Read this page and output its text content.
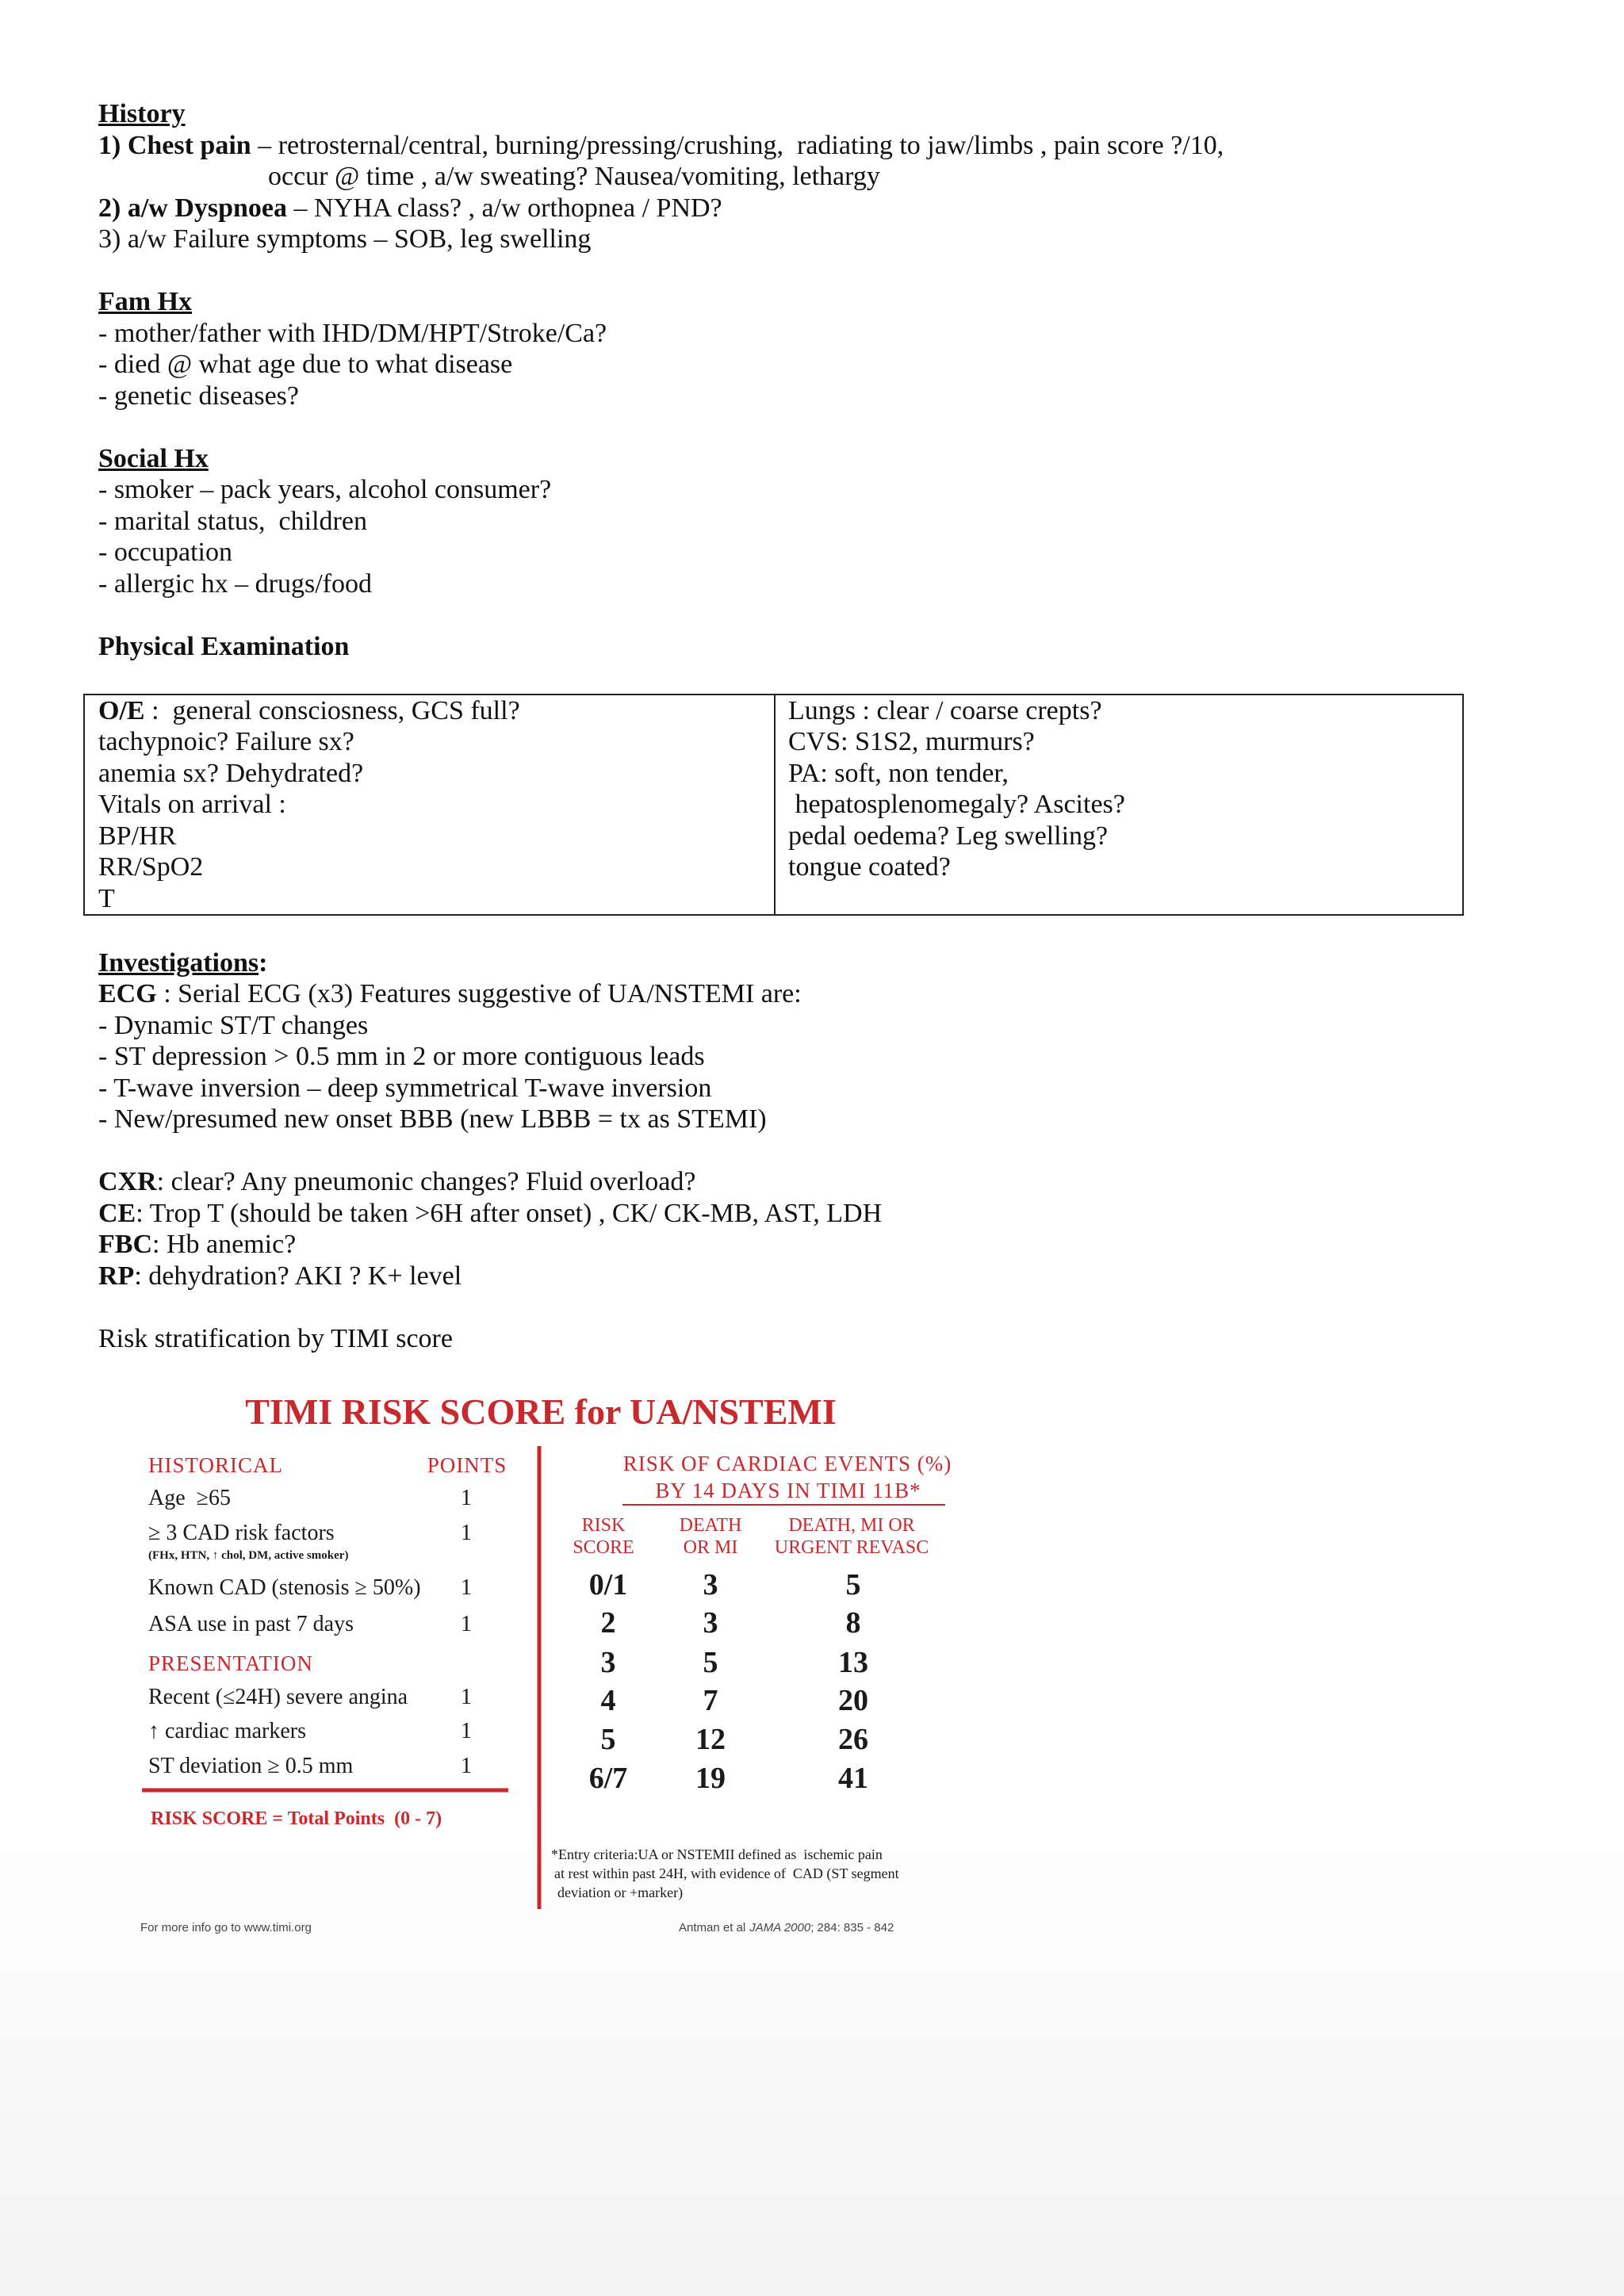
History
1) Chest pain – retrosternal/central, burning/pressing/crushing,  radiating to jaw/limbs , pain score ?/10,
occur @ time , a/w sweating? Nausea/vomiting, lethargy
2) a/w Dyspnoea – NYHA class? , a/w orthopnea / PND?
3) a/w Failure symptoms – SOB, leg swelling
Fam Hx
- mother/father with IHD/DM/HPT/Stroke/Ca?
- died @ what age due to what disease
- genetic diseases?
Social Hx
- smoker – pack years, alcohol consumer?
- marital status,  children
- occupation
- allergic hx – drugs/food
Physical Examination
O/E :  general consciosness, GCS full?
tachypnoic? Failure sx?
anemia sx? Dehydrated?
Vitals on arrival :
BP/HR
RR/SpO2
T
Lungs : clear / coarse crepts?
CVS: S1S2, murmurs?
PA: soft, non tender,
hepatosplenomegaly? Ascites?
pedal oedema? Leg swelling?
tongue coated?
Investigations:
ECG : Serial ECG (x3) Features suggestive of UA/NSTEMI are:
- Dynamic ST/T changes
- ST depression > 0.5 mm in 2 or more contiguous leads
- T-wave inversion – deep symmetrical T-wave inversion
- New/presumed new onset BBB (new LBBB = tx as STEMI)
CXR: clear? Any pneumonic changes? Fluid overload?
CE: Trop T (should be taken >6H after onset) , CK/ CK-MB, AST, LDH
FBC: Hb anemic?
RP: dehydration? AKI ? K+ level
Risk stratification by TIMI score
TIMI RISK SCORE for UA/NSTEMI
HISTORICAL	POINTS
Age  ≥65	1
≥ 3 CAD risk factors	1
(FHx, HTN, ↑ chol, DM, active smoker)
Known CAD (stenosis ≥ 50%) 1
ASA use in past 7 days	1
PRESENTATION
Recent (≤24H) severe angina 1
↑ cardiac markers	1
ST deviation ≥ 0.5 mm	1
RISK SCORE = Total Points  (0 - 7)
RISK OF CARDIAC EVENTS (%)
BY 14 DAYS IN TIMI 11B*
RISK
SCORE
DEATH
OR MI
DEATH, MI OR
URGENT REVASC
0/1	3	5
2	3	8
3	5	13
4	7	20
5	12	26
6/7 19	41
*Entry criteria:UA or NSTEMII defined as  ischemic pain
at rest within past 24H, with evidence of  CAD (ST segment
deviation or +marker)
For more info go to www.timi.org	Antman et al JAMA 2000; 284: 835 - 842
